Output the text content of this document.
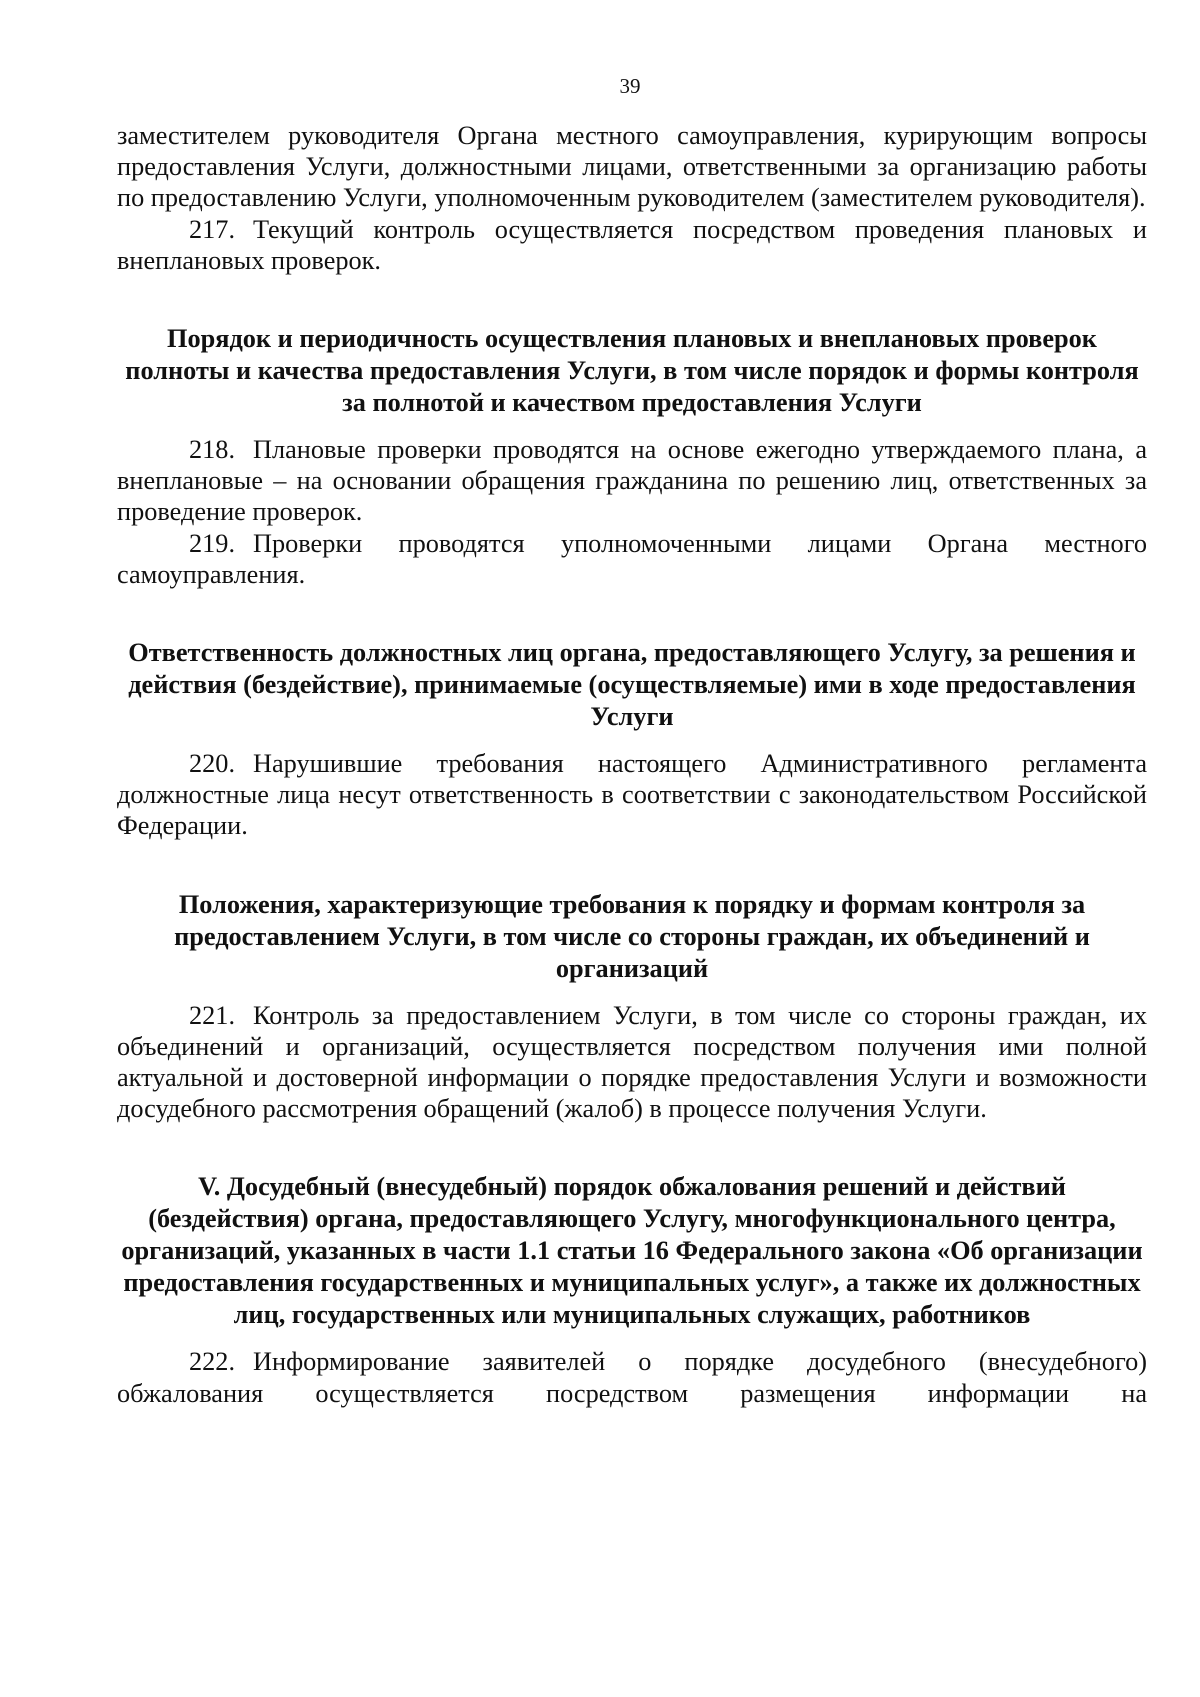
39

заместителем руководителя Органа местного самоуправления, курирующим вопросы предоставления Услуги, должностными лицами, ответственными за организацию работы по предоставлению Услуги, уполномоченным руководителем (заместителем руководителя).

217. Текущий контроль осуществляется посредством проведения плановых и внеплановых проверок.

Порядок и периодичность осуществления плановых и внеплановых проверок полноты и качества предоставления Услуги, в том числе порядок и формы контроля за полнотой и качеством предоставления Услуги

218. Плановые проверки проводятся на основе ежегодно утверждаемого плана, а внеплановые – на основании обращения гражданина по решению лиц, ответственных за проведение проверок.

219. Проверки проводятся уполномоченными лицами Органа местного самоуправления.

Ответственность должностных лиц органа, предоставляющего Услугу, за решения и действия (бездействие), принимаемые (осуществляемые) ими в ходе предоставления Услуги

220. Нарушившие требования настоящего Административного регламента должностные лица несут ответственность в соответствии с законодательством Российской Федерации.

Положения, характеризующие требования к порядку и формам контроля за предоставлением Услуги, в том числе со стороны граждан, их объединений и организаций

221. Контроль за предоставлением Услуги, в том числе со стороны граждан, их объединений и организаций, осуществляется посредством получения ими полной актуальной и достоверной информации о порядке предоставления Услуги и возможности досудебного рассмотрения обращений (жалоб) в процессе получения Услуги.

V. Досудебный (внесудебный) порядок обжалования решений и действий (бездействия) органа, предоставляющего Услугу, многофункционального центра, организаций, указанных в части 1.1 статьи 16 Федерального закона «Об организации предоставления государственных и муниципальных услуг», а также их должностных лиц, государственных или муниципальных служащих, работников

222. Информирование заявителей о порядке досудебного (внесудебного) обжалования осуществляется посредством размещения информации на
